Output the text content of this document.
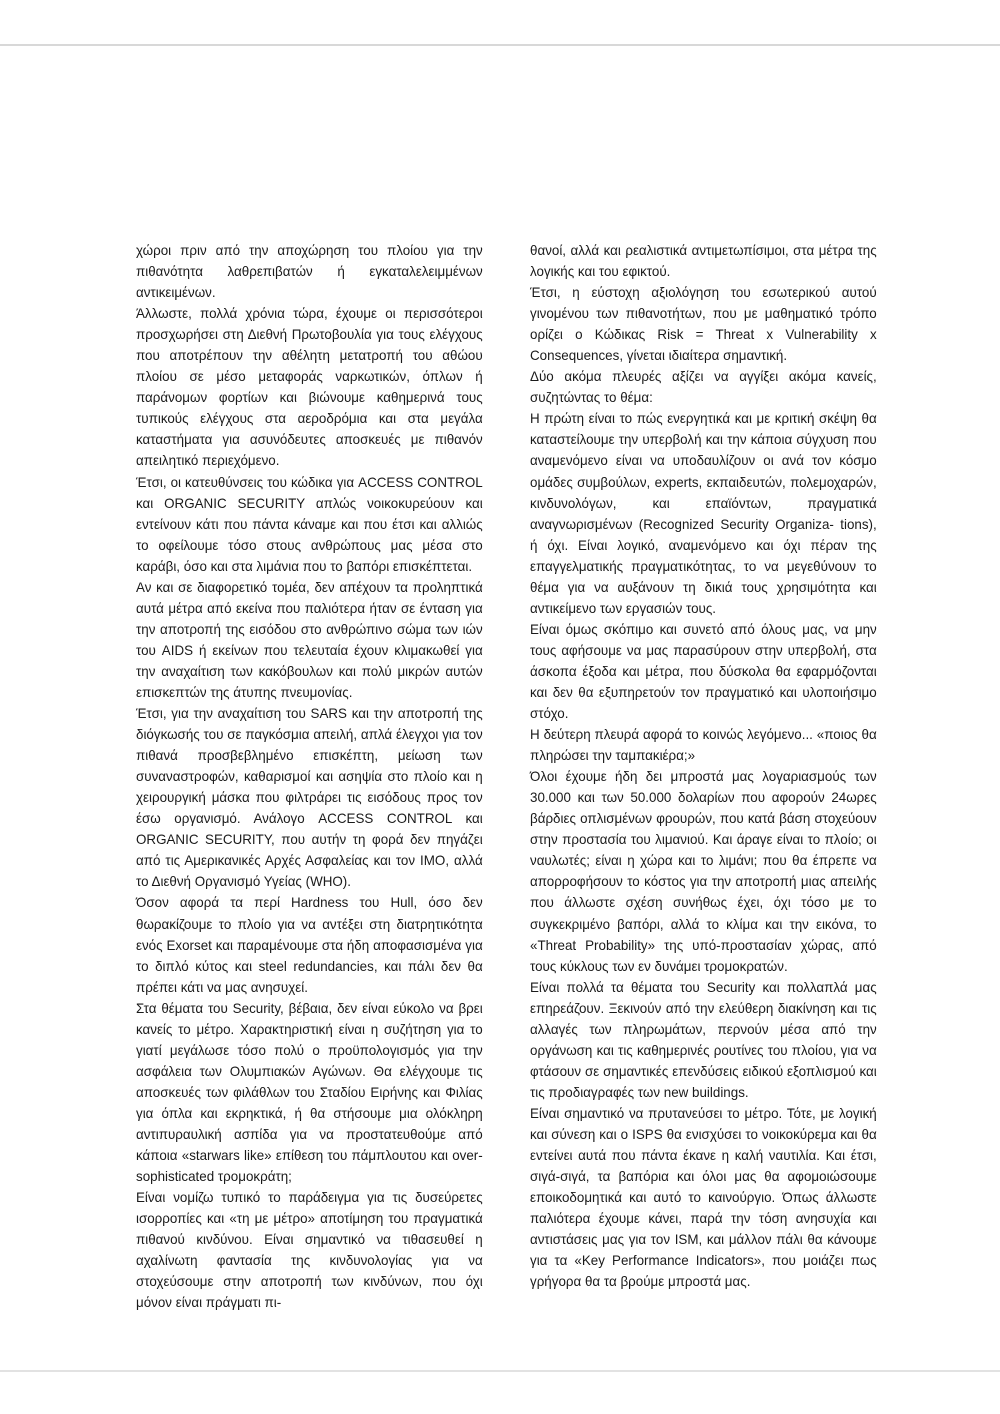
χώροι πριν από την αποχώρηση του πλοίου για την πιθανότητα λαθρεπιβατών ή εγκαταλελειμμένων αντικειμένων.

Άλλωστε, πολλά χρόνια τώρα, έχουμε οι περισσότεροι προσχωρήσει στη Διεθνή Πρωτοβουλία για τους ελέγχους που αποτρέπουν την αθέλητη μετατροπή του αθώου πλοίου σε μέσο μεταφοράς ναρκωτικών, όπλων ή παράνομων φορτίων και βιώνουμε καθημερινά τους τυπικούς ελέγχους στα αεροδρόμια και στα μεγάλα καταστήματα για ασυνόδευτες αποσκευές με πιθανόν απειλητικό περιεχόμενο.

Έτσι, οι κατευθύνσεις του κώδικα για ACCESS CONTROL και ORGANIC SECURITY απλώς νοικοκυρεύουν και εντείνουν κάτι που πάντα κάναμε και που έτσι και αλλιώς το οφείλουμε τόσο στους ανθρώπους μας μέσα στο καράβι, όσο και στα λιμάνια που το βαπόρι επισκέπτεται.

Αν και σε διαφορετικό τομέα, δεν απέχουν τα προληπτικά αυτά μέτρα από εκείνα που παλιότερα ήταν σε ένταση για την αποτροπή της εισόδου στο ανθρώπινο σώμα των ιών του AIDS ή εκείνων που τελευταία έχουν κλιμακωθεί για την αναχαίτιση των κακόβουλων και πολύ μικρών αυτών επισκεπτών της άτυπης πνευμονίας.

Έτσι, για την αναχαίτιση του SARS και την αποτροπή της διόγκωσής του σε παγκόσμια απειλή, απλά έλεγχοι για τον πιθανά προσβεβλημένο επισκέπτη, μείωση των συναναστροφών, καθαρισμοί και ασηψία στο πλοίο και η χειρουργική μάσκα που φιλτράρει τις εισόδους προς τον έσω οργανισμό. Ανάλογο ACCESS CONTROL και ORGANIC SECURITY, που αυτήν τη φορά δεν πηγάζει από τις Αμερικανικές Αρχές Ασφαλείας και τον IMO, αλλά το Διεθνή Οργανισμό Υγείας (WHO).

Όσον αφορά τα περί Hardness του Hull, όσο δεν θωρακίζουμε το πλοίο για να αντέξει στη διατρητικότητα ενός Exorset και παραμένουμε στα ήδη αποφασισμένα για το διπλό κύτος και steel redundancies, και πάλι δεν θα πρέπει κάτι να μας ανησυχεί.

Στα θέματα του Security, βέβαια, δεν είναι εύκολο να βρει κανείς το μέτρο. Χαρακτηριστική είναι η συζήτηση για το γιατί μεγάλωσε τόσο πολύ ο προϋπολογισμός για την ασφάλεια των Ολυμπιακών Αγώνων. Θα ελέγχουμε τις αποσκευές των φιλάθλων του Σταδίου Ειρήνης και Φιλίας για όπλα και εκρηκτικά, ή θα στήσουμε μια ολόκληρη αντιπυραυλική ασπίδα για να προστατευθούμε από κάποια «starwars like» επίθεση του πάμπλουτου και over-sophisticated τρομοκράτη;

Είναι νομίζω τυπικό το παράδειγμα για τις δυσεύρετες ισορροπίες και «τη με μέτρο» αποτίμηση του πραγματικά πιθανού κινδύνου. Είναι σημαντικό να τιθασευθεί η αχαλίνωτη φαντασία της κινδυνολογίας για να στοχεύσουμε στην αποτροπή των κινδύνων, που όχι μόνον είναι πράγματι πι-

θανοί, αλλά και ρεαλιστικά αντιμετωπίσιμοι, στα μέτρα της λογικής και του εφικτού.

Έτσι, η εύστοχη αξιολόγηση του εσωτερικού αυτού γινομένου των πιθανοτήτων, που με μαθηματικό τρόπο ορίζει ο Κώδικας Risk = Threat x Vulnerability x Consequences, γίνεται ιδιαίτερα σημαντική.

Δύο ακόμα πλευρές αξίζει να αγγίξει ακόμα κανείς, συζητώντας το θέμα:

Η πρώτη είναι το πώς ενεργητικά και με κριτική σκέψη θα καταστείλουμε την υπερβολή και την κάποια σύγχυση που αναμενόμενο είναι να υποδαυλίζουν οι ανά τον κόσμο ομάδες συμβούλων, experts, εκπαιδευτών, πολεμοχαρών, κινδυνολόγων, και επαϊόντων, πραγματικά αναγνωρισμένων (Recognized Security Organiza- tions), ή όχι. Είναι λογικό, αναμενόμενο και όχι πέραν της επαγγελματικής πραγματικότητας, το να μεγεθύνουν το θέμα για να αυξάνουν τη δικιά τους χρησιμότητα και αντικείμενο των εργασιών τους.

Είναι όμως σκόπιμο και συνετό από όλους μας, να μην τους αφήσουμε να μας παρασύρουν στην υπερβολή, στα άσκοπα έξοδα και μέτρα, που δύσκολα θα εφαρμόζονται και δεν θα εξυπηρετούν τον πραγματικό και υλοποιήσιμο στόχο.

Η δεύτερη πλευρά αφορά το κοινώς λεγόμενο... «ποιος θα πληρώσει την ταμπακιέρα;»

Όλοι έχουμε ήδη δει μπροστά μας λογαριασμούς των 30.000 και των 50.000 δολαρίων που αφορούν 24ωρες βάρδιες οπλισμένων φρουρών, που κατά βάση στοχεύουν στην προστασία του λιμανιού. Και άραγε είναι το πλοίο; οι ναυλωτές; είναι η χώρα και το λιμάνι; που θα έπρεπε να απορροφήσουν το κόστος για την αποτροπή μιας απειλής που άλλωστε σχέση συνήθως έχει, όχι τόσο με το συγκεκριμένο βαπόρι, αλλά το κλίμα και την εικόνα, το «Threat Probability» της υπό-προστασίαν χώρας, από τους κύκλους των εν δυνάμει τρομοκρατών.

Είναι πολλά τα θέματα του Security και πολλαπλά μας επηρεάζουν. Ξεκινούν από την ελεύθερη διακίνηση και τις αλλαγές των πληρωμάτων, περνούν μέσα από την οργάνωση και τις καθημερινές ρουτίνες του πλοίου, για να φτάσουν σε σημαντικές επενδύσεις ειδικού εξοπλισμού και τις προδιαγραφές των new buildings.

Είναι σημαντικό να πρυτανεύσει το μέτρο. Τότε, με λογική και σύνεση και ο ISPS θα ενισχύσει το νοικοκύρεμα και θα εντείνει αυτά που πάντα έκανε η καλή ναυτιλία. Και έτσι, σιγά-σιγά, τα βαπόρια και όλοι μας θα αφομοιώσουμε εποικοδομητικά και αυτό το καινούργιο. Όπως άλλωστε παλιότερα έχουμε κάνει, παρά την τόση ανησυχία και αντιστάσεις μας για τον ISM, και μάλλον πάλι θα κάνουμε για τα «Key Performance Indicators», που μοιάζει πως γρήγορα θα τα βρούμε μπροστά μας.
